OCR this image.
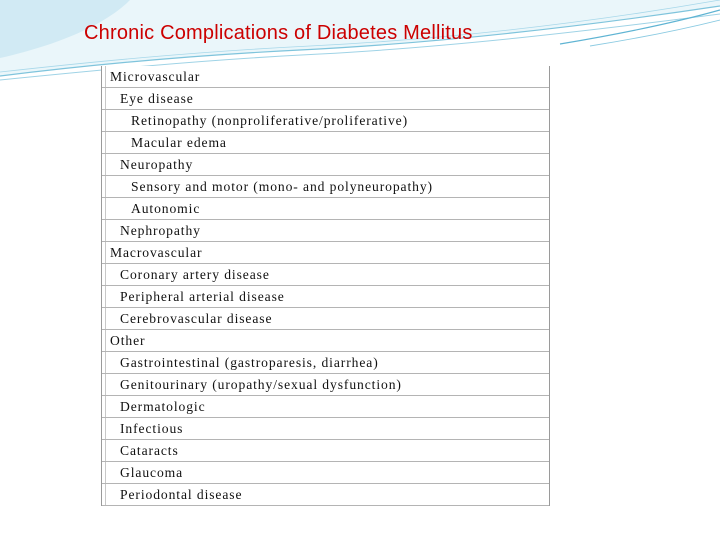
Chronic Complications of Diabetes Mellitus
Microvascular
Eye disease
Retinopathy (nonproliferative/proliferative)
Macular edema
Neuropathy
Sensory and motor (mono- and polyneuropathy)
Autonomic
Nephropathy
Macrovascular
Coronary artery disease
Peripheral arterial disease
Cerebrovascular disease
Other
Gastrointestinal (gastroparesis, diarrhea)
Genitourinary (uropathy/sexual dysfunction)
Dermatologic
Infectious
Cataracts
Glaucoma
Periodontal disease
